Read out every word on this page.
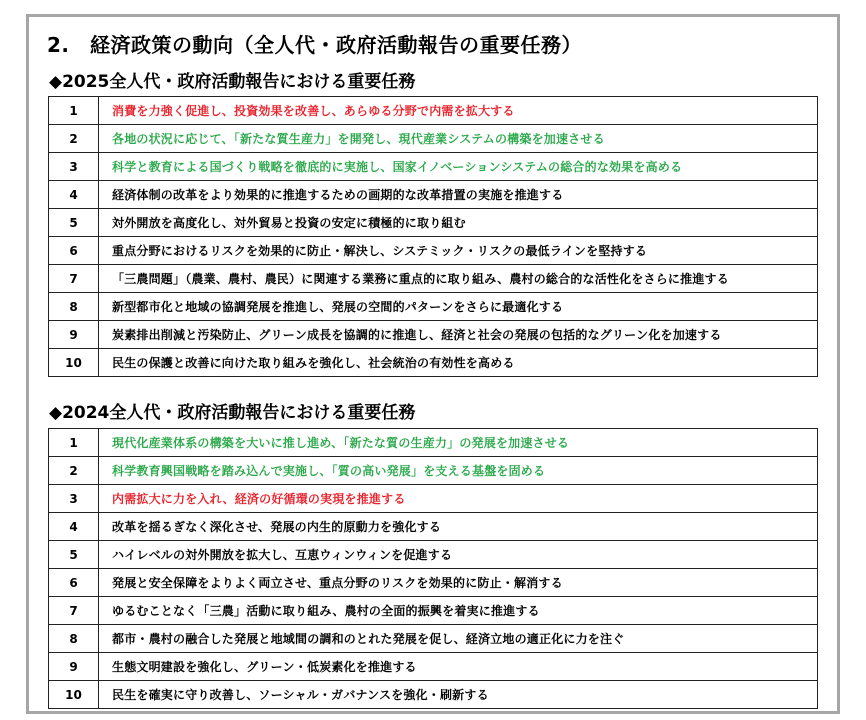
2.　経済政策の動向（全人代・政府活動報告の重要任務）
◆2025全人代・政府活動報告における重要任務
1	消費を力強く促進し、投資効果を改善し、あらゆる分野で内需を拡大する
2	各地の状況に応じて、「新たな質生産力」を開発し、現代産業システムの構築を加速させる
3	科学と教育による国づくり戦略を徹底的に実施し、国家イノベーションシステムの総合的な効果を高める
4	経済体制の改革をより効果的に推進するための画期的な改革措置の実施を推進する
5	対外開放を高度化し、対外貿易と投資の安定に積極的に取り組む
6	重点分野におけるリスクを効果的に防止・解決し、システミック・リスクの最低ラインを堅持する
7	「三農問題」（農業、農村、農民）に関連する業務に重点的に取り組み、農村の総合的な活性化をさらに推進する
8	新型都市化と地域の協調発展を推進し、発展の空間的パターンをさらに最適化する
9	炭素排出削減と汚染防止、グリーン成長を協調的に推進し、経済と社会の発展の包括的なグリーン化を加速する
10	民生の保護と改善に向けた取り組みを強化し、社会統治の有効性を高める
◆2024全人代・政府活動報告における重要任務
1	現代化産業体系の構築を大いに推し進め、「新たな質の生産力」の発展を加速させる
2	科学教育興国戦略を踏み込んで実施し、「質の高い発展」を支える基盤を固める
3	内需拡大に力を入れ、経済の好循環の実現を推進する
4	改革を揺るぎなく深化させ、発展の内生的原動力を強化する
5	ハイレベルの対外開放を拡大し、互恵ウィンウィンを促進する
6	発展と安全保障をよりよく両立させ、重点分野のリスクを効果的に防止・解消する
7	ゆるむことなく「三農」活動に取り組み、農村の全面的振興を着実に推進する
8	都市・農村の融合した発展と地域間の調和のとれた発展を促し、経済立地の適正化に力を注ぐ
9	生態文明建設を強化し、グリーン・低炭素化を推進する
10	民生を確実に守り改善し、ソーシャル・ガバナンスを強化・刷新する
